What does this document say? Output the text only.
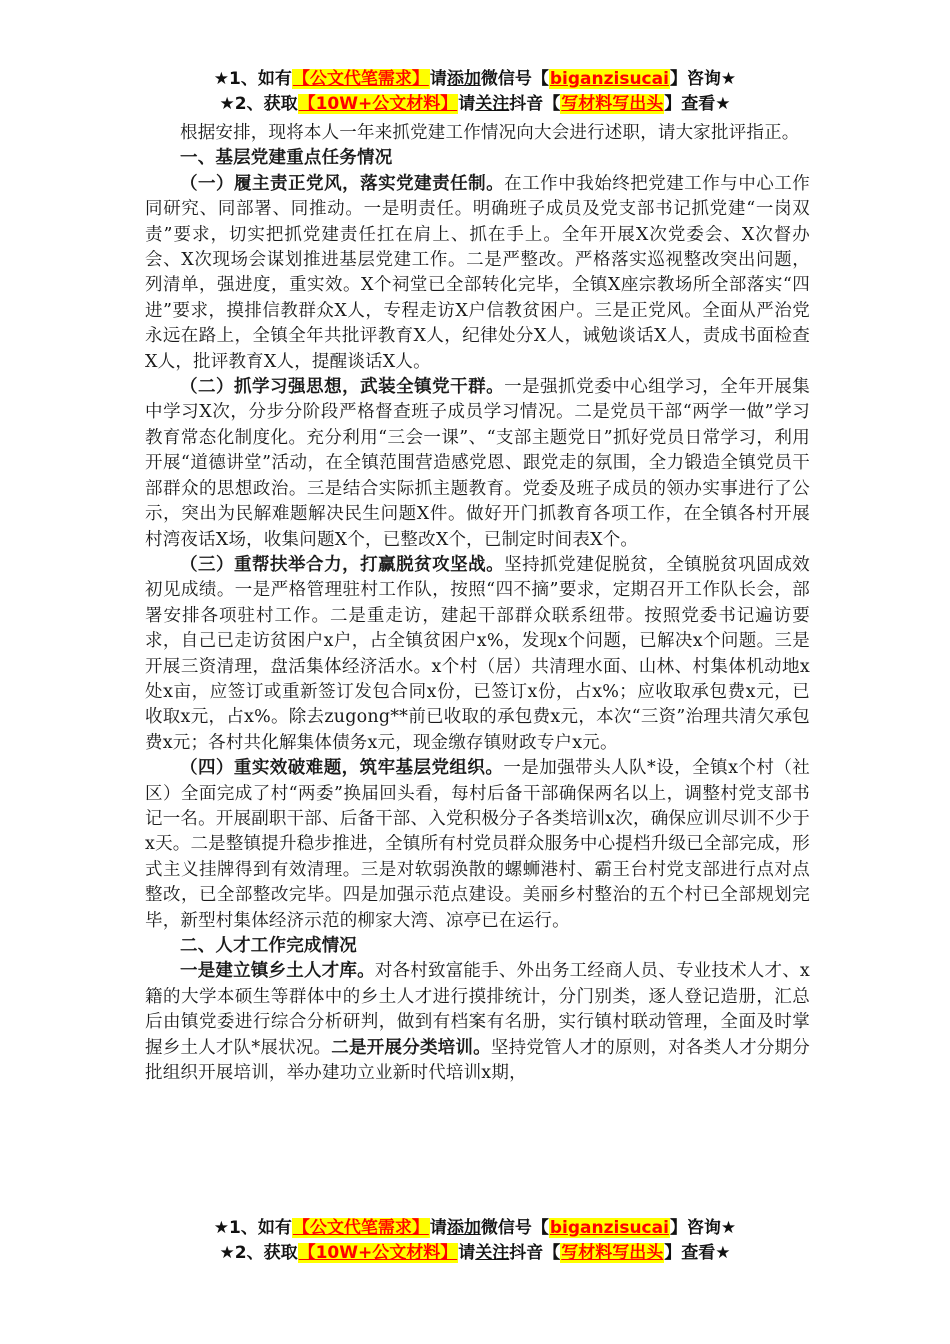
★1、如有【公文代笔需求】请添加微信号【biganzisucai】咨询★
★2、获取【10W+公文材料】请关注抖音【写材料写出头】查看★

根据安排，现将本人一年来抓党建工作情况向大会进行述职，请大家批评指正。

一、基层党建重点任务情况

（一）履主责正党风，落实党建责任制。在工作中我始终把党建工作与中心工作同研究、同部署、同推动。一是明责任。明确班子成员及党支部书记抓党建“一岗双责”要求，切实把抓党建责任扛在肩上、抓在手上。全年开展X次党委会、X次督办会、X次现场会谋划推进基层党建工作。二是严整改。严格落实巡视整改突出问题，列清单，强进度，重实效。X个祠堂已全部转化完毕，全镇X座宗教场所全部落实“四进”要求，摸排信教群众X人，专程走访X户信教贫困户。三是正党风。全面从严治党永远在路上，全镇全年共批评教育X人，纪律处分X人，诫勉谈话X人，责成书面检查X人，批评教育X人，提醒谈话X人。

（二）抓学习强思想，武装全镇党干群。一是强抓党委中心组学习，全年开展集中学习X次，分步分阶段严格督查班子成员学习情况。二是党员干部“两学一做”学习教育常态化制度化。充分利用“三会一课”、“支部主题党日”抓好党员日常学习，利用开展“道德讲堂”活动，在全镇范围营造感党恩、跟党走的氛围，全力锻造全镇党员干部群众的思想政治。三是结合实际抓主题教育。党委及班子成员的领办实事进行了公示，突出为民解难题解决民生问题X件。做好开门抓教育各项工作，在全镇各村开展村湾夜话X场，收集问题X个，已整改X个，已制定时间表X个。

（三）重帮扶举合力，打赢脱贫攻坚战。坚持抓党建促脱贫，全镇脱贫巩固成效初见成绩。一是严格管理驻村工作队，按照“四不摘”要求，定期召开工作队长会，部署安排各项驻村工作。二是重走访，建起干部群众联系纽带。按照党委书记遍访要求，自己已走访贫困户x户，占全镇贫困户x%，发现x个问题，已解决x个问题。三是开展三资清理，盘活集体经济活水。x个村（居）共清理水面、山林、村集体机动地x处x亩，应签订或重新签订发包合同x份，已签订x份，占x%；应收取承包费x元，已收取x元，占x%。除去zugong**前已收取的承包费x元，本次“三资”治理共清欠承包费x元；各村共化解集体债务x元，现金缴存镇财政专户x元。

（四）重实效破难题，筑牢基层党组织。一是加强带头人队*设，全镇x个村（社区）全面完成了村“两委”换届回头看，每村后备干部确保两名以上，调整村党支部书记一名。开展副职干部、后备干部、入党积极分子各类培训x次，确保应训尽训不少于x天。二是整镇提升稳步推进，全镇所有村党员群众服务中心提档升级已全部完成，形式主义挂牌得到有效清理。三是对软弱涣散的螺蛳港村、霸王台村党支部进行点对点整改，已全部整改完毕。四是加强示范点建设。美丽乡村整治的五个村已全部规划完毕，新型村集体经济示范的柳家大湾、凉亭已在运行。

二、人才工作完成情况

一是建立镇乡土人才库。对各村致富能手、外出务工经商人员、专业技术人才、x籍的大学本硕生等群体中的乡土人才进行摸排统计，分门别类，逐人登记造册，汇总后由镇党委进行综合分析研判，做到有档案有名册，实行镇村联动管理，全面及时掌握乡土人才队*展状况。二是开展分类培训。坚持党管人才的原则，对各类人才分期分批组织开展培训，举办建功立业新时代培训x期，

★1、如有【公文代笔需求】请添加微信号【biganzisucai】咨询★
★2、获取【10W+公文材料】请关注抖音【写材料写出头】查看★
